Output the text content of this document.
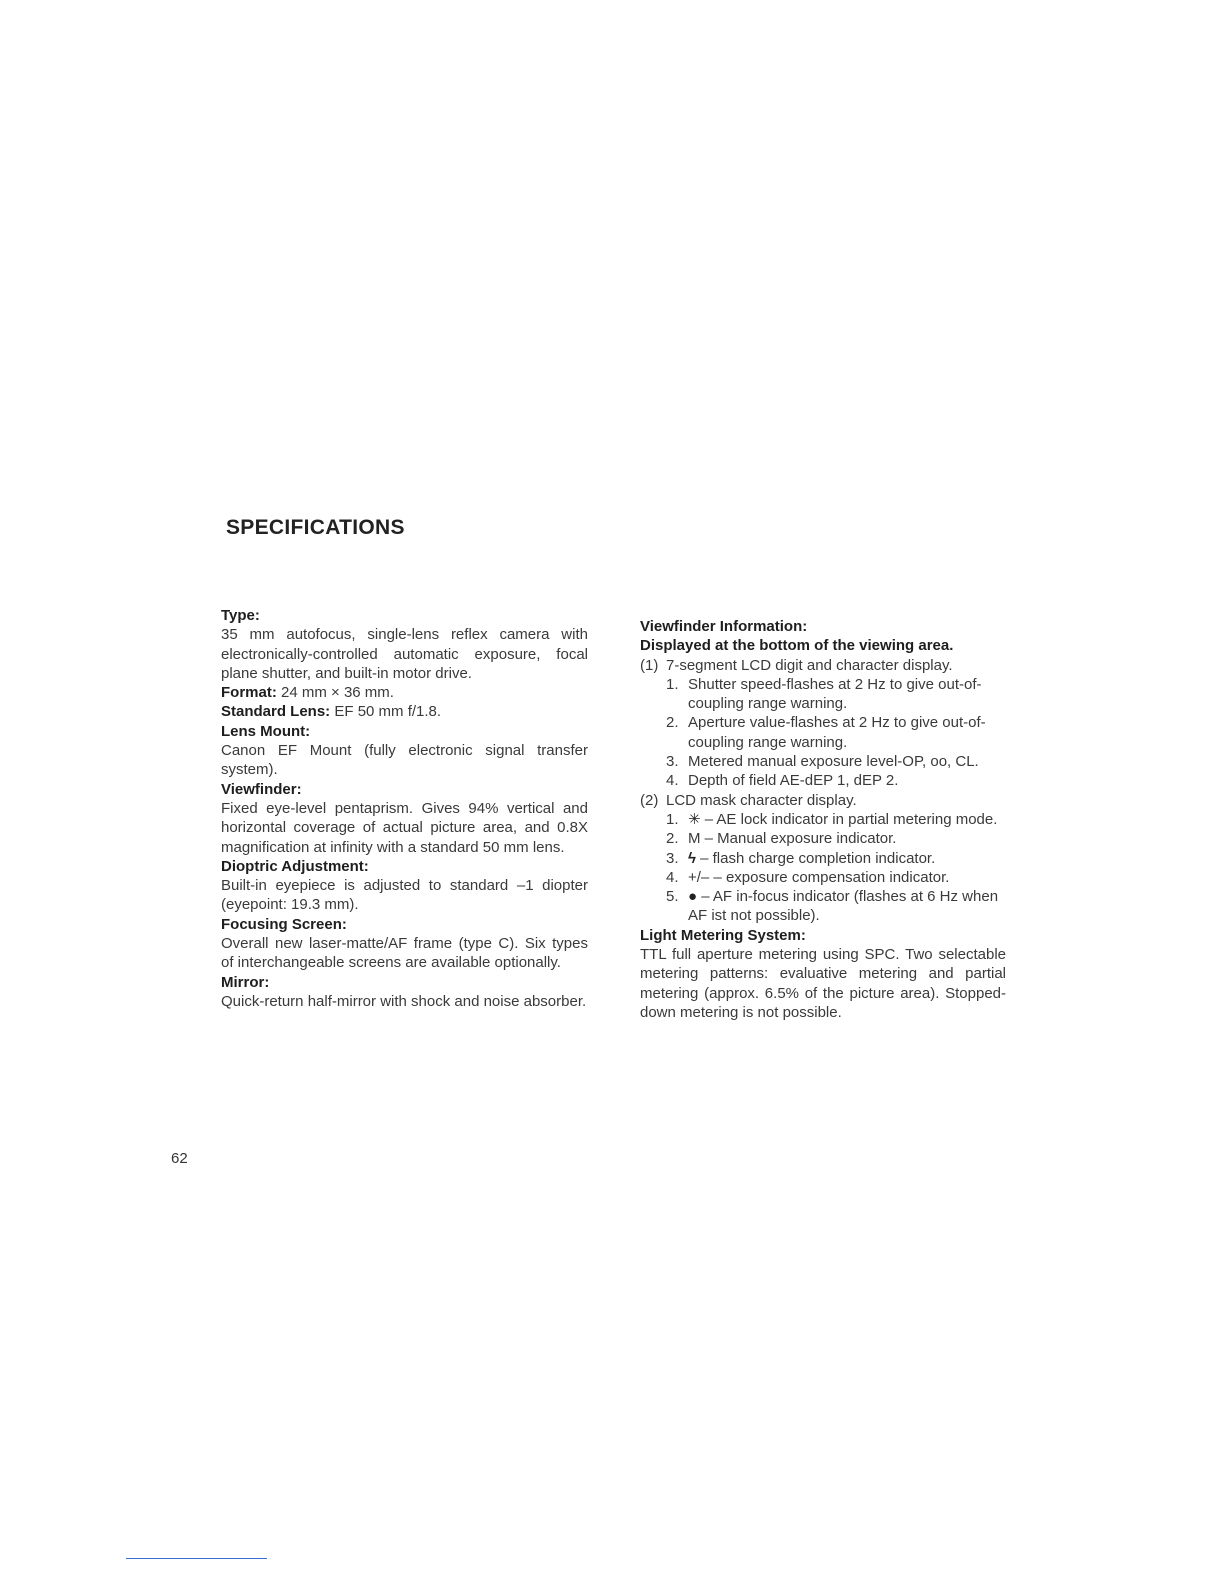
SPECIFICATIONS
Type:

35 mm autofocus, single-lens reflex camera with electronically-controlled automatic exposure, focal plane shutter, and built-in motor drive.

Format: 24 mm × 36 mm.

Standard Lens: EF 50 mm f/1.8.

Lens Mount:

Canon EF Mount (fully electronic signal transfer system).

Viewfinder:

Fixed eye-level pentaprism. Gives 94% vertical and horizontal coverage of actual picture area, and 0.8X magnification at infinity with a standard 50 mm lens.

Dioptric Adjustment:

Built-in eyepiece is adjusted to standard –1 diopter (eyepoint: 19.3 mm).

Focusing Screen:

Overall new laser-matte/AF frame (type C). Six types of interchangeable screens are available optionally.

Mirror:

Quick-return half-mirror with shock and noise absorber.

Viewfinder Information:
Displayed at the bottom of the viewing area.
(1) 7-segment LCD digit and character display.
1. Shutter speed-flashes at 2 Hz to give out-of-coupling range warning.
2. Aperture value-flashes at 2 Hz to give out-of-coupling range warning.
3. Metered manual exposure level-OP, oo, CL.
4. Depth of field AE-dEP 1, dEP 2.
(2) LCD mask character display.
1. ✳ – AE lock indicator in partial metering mode.
2. M – Manual exposure indicator.
3. ϟ – flash charge completion indicator.
4. +/– – exposure compensation indicator.
5. ● – AF in-focus indicator (flashes at 6 Hz when AF ist not possible).
Light Metering System:

TTL full aperture metering using SPC. Two selectable metering patterns: evaluative metering and partial metering (approx. 6.5% of the picture area). Stopped-down metering is not possible.

62
